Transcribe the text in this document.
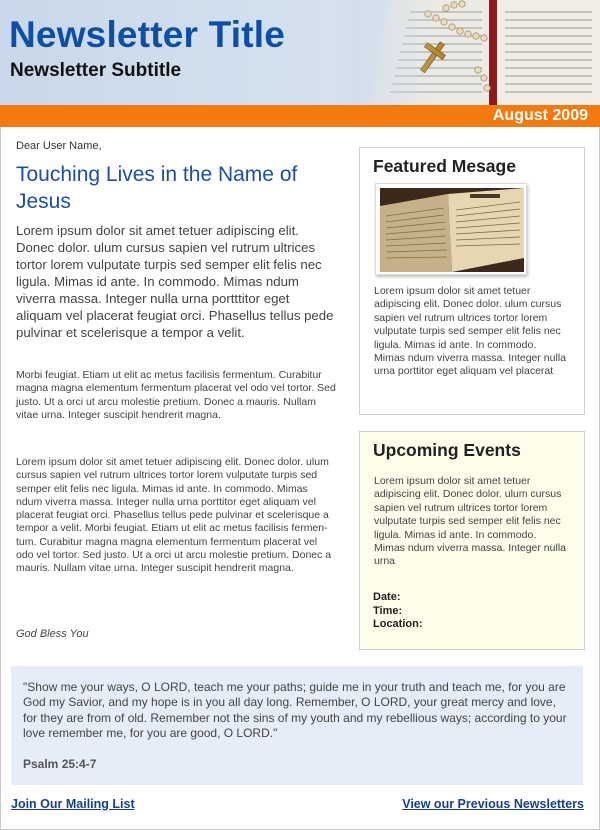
Newsletter Title
Newsletter Subtitle
August 2009
Dear User Name,
Touching Lives in the Name of Jesus
Lorem ipsum dolor sit amet tetuer adipiscing elit. Donec dolor. ulum cursus sapien vel rutrum ultrices tortor lorem vulputate turpis sed semper elit felis nec ligula. Mimas id ante. In commodo. Mimas ndum viverra massa. Integer nulla urna portttitor eget aliquam vel placerat feugiat orci. Phasellus tellus pede pulvinar et scelerisque a tempor a velit.
Morbi feugiat. Etiam ut elit ac metus facilisis fermentum. Curabitur magna magna elementum fermentum placerat vel odo vel tortor. Sed justo. Ut a orci ut arcu molestie pretium. Donec a mauris. Nullam vitae urna. Integer suscipit hendrerit magna.
Lorem ipsum dolor sit amet tetuer adipiscing elit. Donec dolor. ulum cursus sapien vel rutrum ultrices tortor lorem vulputate turpis sed semper elit felis nec ligula. Mimas id ante. In commodo. Mimas ndum viverra massa. Integer nulla urna porttitor eget aliquam vel placerat feugiat orci. Phasellus tellus pede pulvinar et scelerisque a tempor a velit. Morbi feugiat. Etiam ut elit ac metus facilisis fermen-tum. Curabitur magna magna elementum fermentum placerat vel odo vel tortor. Sed justo. Ut a orci ut arcu molestie pretium. Donec a mauris. Nullam vitae urna. Integer suscipit hendrerit magna.
God Bless You
Featured Mesage
Lorem ipsum dolor sit amet tetuer adipiscing elit. Donec dolor. ulum cursus sapien vel rutrum ultrices tortor lorem vulputate turpis sed semper elit felis nec ligula. Mimas id ante. In commodo. Mimas ndum viverra massa. Integer nulla urna porttitor eget aliquam vel placerat
Upcoming Events
Lorem ipsum dolor sit amet tetuer adipiscing elit. Donec dolor. ulum cursus sapien vel rutrum ultrices tortor lorem vulputate turpis sed semper elit felis nec ligula. Mimas id ante. In commodo. Mimas ndum viverra massa. Integer nulla urna
Date:
Time:
Location:
"Show me your ways, O LORD, teach me your paths; guide me in your truth and teach me, for you are God my Savior, and my hope is in you all day long. Remember, O LORD, your great mercy and love, for they are from of old. Remember not the sins of my youth and my rebellious ways; according to your love remember me, for you are good, O LORD."
Psalm 25:4-7
Join Our Mailing List	View our Previous Newsletters
